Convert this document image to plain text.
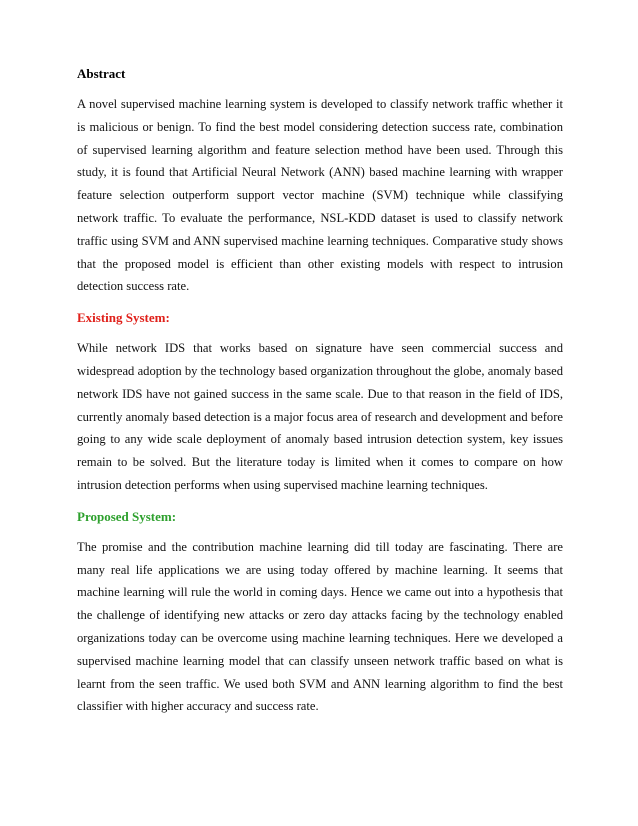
Abstract

A novel supervised machine learning system is developed to classify network traffic whether it is malicious or benign. To find the best model considering detection success rate, combination of supervised learning algorithm and feature selection method have been used. Through this study, it is found that Artificial Neural Network (ANN) based machine learning with wrapper feature selection outperform support vector machine (SVM) technique while classifying network traffic. To evaluate the performance, NSL-KDD dataset is used to classify network traffic using SVM and ANN supervised machine learning techniques. Comparative study shows that the proposed model is efficient than other existing models with respect to intrusion detection success rate.

Existing System:

While network IDS that works based on signature have seen commercial success and widespread adoption by the technology based organization throughout the globe, anomaly based network IDS have not gained success in the same scale. Due to that reason in the field of IDS, currently anomaly based detection is a major focus area of research and development and before going to any wide scale deployment of anomaly based intrusion detection system, key issues remain to be solved. But the literature today is limited when it comes to compare on how intrusion detection performs when using supervised machine learning techniques.

Proposed System:

The promise and the contribution machine learning did till today are fascinating. There are many real life applications we are using today offered by machine learning. It seems that machine learning will rule the world in coming days. Hence we came out into a hypothesis that the challenge of identifying new attacks or zero day attacks facing by the technology enabled organizations today can be overcome using machine learning techniques. Here we developed a supervised machine learning model that can classify unseen network traffic based on what is learnt from the seen traffic. We used both SVM and ANN learning algorithm to find the best classifier with higher accuracy and success rate.
